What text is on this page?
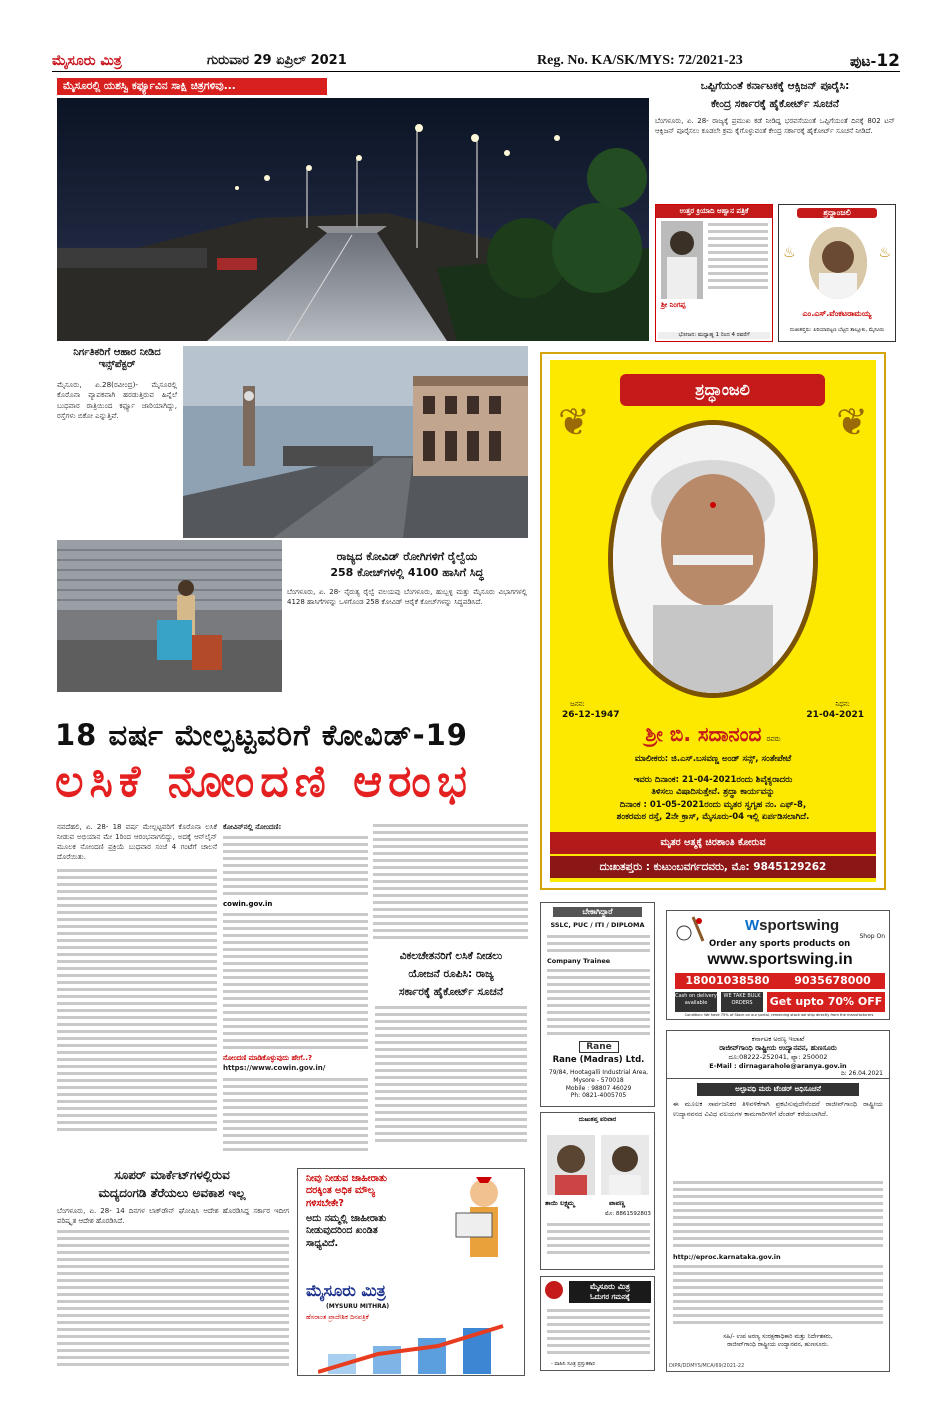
ಮೈಸೂರು ಮಿತ್ರ	ಗುರುವಾರ 29 ಏಪ್ರಿಲ್ 2021	Reg. No. KA/SK/MYS: 72/2021-23	ಪುಟ-12
ಮೈಸೂರಲ್ಲಿ ಯಶಸ್ವಿ ಕರ್ಫ್ಯೂವಿನ ಸಾಕ್ಷಿ ಚಿತ್ರಗಳಿವು...	ಒಪ್ಪಿಗೆಯಂತೆ ಕರ್ನಾಟಕಕ್ಕೆ ಆಕ್ಸಿಜನ್ ಪೂರೈಸಿ:
ಕೇಂದ್ರ ಸರ್ಕಾರಕ್ಕೆ ಹೈಕೋರ್ಟ್ ಸೂಚನೆ
ಬೆಂಗಳೂರು, ಏ. 28- ರಾಜ್ಯಕ್ಕೆ ಪ್ರಮುಖ ಕಡೆ ನೀಡಿದ್ದ ಭರವಸೆಯಂತೆ ಒಪ್ಪಿಗೆಯಂತೆ ದಿನಕ್ಕೆ 802 ಟನ್ ಆಕ್ಸಿಜನ್ ಪೂರೈಸಲು ಕೂಡಲೇ ಕ್ರಮ ಕೈಗೊಳ್ಳುವಂತೆ ಕೇಂದ್ರ ಸರ್ಕಾರಕ್ಕೆ ಹೈಕೋರ್ಟ್ ಸೂಚನೆ ನೀಡಿದೆ.
ಉತ್ತರ ಕ್ರಿಯಾದಿ ಆಹ್ವಾನ ಪತ್ರಿಕೆ
ಶ್ರೀ ನಿಂಗಪ್ಪ
ಭೋಜನ: ಮಧ್ಯಾಹ್ನ 1 ರಿಂದ 4 ರವರೆಗೆ
ಶ್ರದ್ಧಾಂಜಲಿ
♨	♨
ಎಂ.ಎಸ್.ವೆಂಕಟರಾಮಯ್ಯ
ದುಃಖತಪ್ತರು: ಪಿರಿಯಾಪಟ್ಟಣ ಬೆಟ್ಟದ ತಾಲ್ಲೂಕು, ಮೈಸೂರು
ನಿರ್ಗತಿಕರಿಗೆ ಆಹಾರ ನೀಡಿದ ಇನ್ಸ್‌ಪೆಕ್ಟರ್
ಮೈಸೂರು, ಏ.28(ರವೀಂದ್ರ)- ಮೈಸೂರಲ್ಲಿ ಕೊರೊನಾ ವ್ಯಾಪಕವಾಗಿ ಹರಡುತ್ತಿರುವ ಹಿನ್ನೆಲೆ ಬುಧವಾರ ರಾತ್ರಿಯಿಂದ ಕರ್ಫ್ಯೂ ಜಾರಿಯಾಗಿದ್ದು, ರಸ್ತೆಗಳು ಬಿಕೋ ಎನ್ನುತ್ತಿವೆ.
ರಾಜ್ಯದ ಕೋವಿಡ್ ರೋಗಿಗಳಿಗೆ ರೈಲ್ವೆಯ
258 ಕೋಚ್‌ಗಳಲ್ಲಿ 4100 ಹಾಸಿಗೆ ಸಿದ್ಧ
ಬೆಂಗಳೂರು, ಏ. 28- ನೈರುತ್ಯ ರೈಲ್ವೆ ವಲಯವು ಬೆಂಗಳೂರು, ಹುಬ್ಬಳ್ಳಿ ಮತ್ತು ಮೈಸೂರು ವಿಭಾಗಗಳಲ್ಲಿ 4128 ಹಾಸಿಗೆಗಳನ್ನು ಒಳಗೊಂಡ 258 ಕೋವಿಡ್ ಆರೈಕೆ ಕೋಚ್‌ಗಳನ್ನು ಸಿದ್ಧಪಡಿಸಿದೆ.
18 ವರ್ಷ ಮೇಲ್ಪಟ್ಟವರಿಗೆ ಕೋವಿಡ್-19
ಲಸಿಕೆ ನೋಂದಣಿ ಆರಂಭ
ನವದೆಹಲಿ, ಏ. 28- 18 ವರ್ಷ ಮೇಲ್ಪಟ್ಟವರಿಗೆ ಕೊರೊನಾ ಲಸಿಕೆ ನೀಡುವ ಅಭಿಯಾನ ಮೇ 1ರಿಂದ ಆರಂಭವಾಗಲಿದ್ದು, ಅದಕ್ಕೆ ಆನ್‌ಲೈನ್ ಮೂಲಕ ನೋಂದಣಿ ಪ್ರಕ್ರಿಯೆ ಬುಧವಾರ ಸಂಜೆ 4 ಗಂಟೆಗೆ ಚಾಲನೆ ದೊರೆಯಿತು.
ಕೋವಿನ್‌ನಲ್ಲಿ ನೋಂದಣಿ:
cowin.gov.in
ನೋಂದಣಿ ಮಾಡಿಕೊಳ್ಳುವುದು ಹೇಗೆ..?
https://www.cowin.gov.in/
ವಿಕಲಚೇತನರಿಗೆ ಲಸಿಕೆ ನೀಡಲು
ಯೋಜನೆ ರೂಪಿಸಿ: ರಾಜ್ಯ
ಸರ್ಕಾರಕ್ಕೆ ಹೈಕೋರ್ಟ್ ಸೂಚನೆ
ಸೂಪರ್ ಮಾರ್ಕೆಟ್‌ಗಳಲ್ಲಿರುವ
ಮದ್ಯದಂಗಡಿ ತೆರೆಯಲು ಅವಕಾಶ ಇಲ್ಲ
ಬೆಂಗಳೂರು, ಏ. 28- 14 ದಿನಗಳ ಲಾಕ್‌ಡೌನ್ ಘೋಷಿಸಿ ಆದೇಶ ಹೊರಡಿಸಿದ್ದ ಸರ್ಕಾರ ಇದೀಗ ಪರಿಷ್ಕೃತ ಆದೇಶ ಹೊರಡಿಸಿದೆ.
ನೀವು ನೀಡುವ ಜಾಹೀರಾತು
ದರಕ್ಕಿಂತ ಅಧಿಕ ಮೌಲ್ಯ
ಗಳಿಸಬೇಕೇ?
ಅದು ನಮ್ಮಲ್ಲಿ ಜಾಹೀರಾತು
ನೀಡುವುದರಿಂದ ಖಂಡಿತ
ಸಾಧ್ಯವಿದೆ.
ಮೈಸೂರು ಮಿತ್ರ
(MYSURU MITHRA)
ಹೆಸರಾಂತ ಪ್ರಾದೇಶಿಕ ದಿನಪತ್ರಿಕೆ
ಶ್ರದ್ಧಾಂಜಲಿ
❦	❦
ಜನನ:
26-12-1947
ನಿಧನ:
21-04-2021
ಶ್ರೀ ಬಿ. ಸದಾನಂದ ರವರು
ಮಾಲೀಕರು: ಜಿ.ಎಸ್.ಬಸವಣ್ಣ ಅಂಡ್ ಸನ್ಸ್, ಸಂತೇಪೇಟೆ
ಇವರು ದಿನಾಂಕ: 21-04-2021ರಂದು ಶಿವೈಕ್ಯರಾದರು
ತಿಳಿಸಲು ವಿಷಾದಿಸುತ್ತೇವೆ. ಶ್ರದ್ಧಾ ಕಾರ್ಯವನ್ನು
ದಿನಾಂಕ : 01-05-2021ರಂದು ಮೃತರ ಸ್ವಗೃಹ ನಂ. ಎಫ್-8,
ಶಂಕರಮಠ ರಸ್ತೆ, 2ನೇ ಕ್ರಾಸ್, ಮೈಸೂರು-04 ಇಲ್ಲಿ ಏರ್ಪಡಿಸಲಾಗಿದೆ.
ಮೃತರ ಆತ್ಮಕ್ಕೆ ಚಿರಶಾಂತಿ ಕೋರುವ
ದುಃಖತಪ್ತರು : ಕುಟುಂಬವರ್ಗದವರು, ಮೊ: 9845129262
ಬೇಕಾಗಿದ್ದಾರೆ
SSLC, PUC / ITI / DIPLOMA
Company Trainee
Rane
Rane (Madras) Ltd.
79/84, Hootagalli Industrial Area,
Mysore - 570018
Mobile : 98807 46029
Ph: 0821-4005705
ದುಃಖತಪ್ತ ಪರಿವಾರ
ತಾಯಿ ಲಕ್ಷ್ಮಮ್ಮ	ಪಾಪಣ್ಣ
ಮೊ: 8861592803
ಮೈಸೂರು ಮಿತ್ರ
ಓದುಗರ ಗಮನಕ್ಕೆ
- ವಾಹಿನಿ ಸೂತ್ರ ಪ್ರಸ್ತುತಕಾರ
Wsportswing
Shop On
Order any sports products on
www.sportswing.in
18001038580	9035678000
Cash on delivery available
WE TAKE BULK ORDERS	Get upto 70% OFF
Condition: We have 75% of Stock on our portal, remaining stock we ship directly from the manufacturers
ಕರ್ನಾಟಕ ಅರಣ್ಯ ಇಲಾಖೆ
ರಾಜೀವ್‌ಗಾಂಧಿ ರಾಷ್ಟ್ರೀಯ ಉದ್ಯಾನವನ, ಹುಣಸೂರು
ದೂ:08222-252041, ಫ್ಯಾ: 250002
E-Mail : dirnagarahole@aranya.gov.in
ದಿ: 26.04.2021
ಅಲ್ಪಾವಧಿ ಮರು ಟೆಂಡರ್ ಅಧಿಸೂಚನೆ
ಈ ಮೂಲಕ ಸಾರ್ವಜನಿಕರ ತಿಳಿವಳಿಕೆಗಾಗಿ ಪ್ರಕಟಿಸುವುದೇನೆಂದರೆ ರಾಜೀವ್‌ಗಾಂಧಿ ರಾಷ್ಟ್ರೀಯ ಉದ್ಯಾನವನದ ವಿವಿಧ ವಲಯಗಳ ಕಾಮಗಾರಿಗಳಿಗೆ ಟೆಂಡರ್ ಕರೆಯಲಾಗಿದೆ.
http://eproc.karnataka.gov.in
ಸಹಿ/- ಉಪ ಅರಣ್ಯ ಸಂರಕ್ಷಣಾಧಿಕಾರಿ ಮತ್ತು ನಿರ್ದೇಶಕರು,
ರಾಜೀವ್‌ಗಾಂಧಿ ರಾಷ್ಟ್ರೀಯ ಉದ್ಯಾನವನ, ಹುಣಸೂರು.
DIPR/DDMYS/MCA/69/2021-22
